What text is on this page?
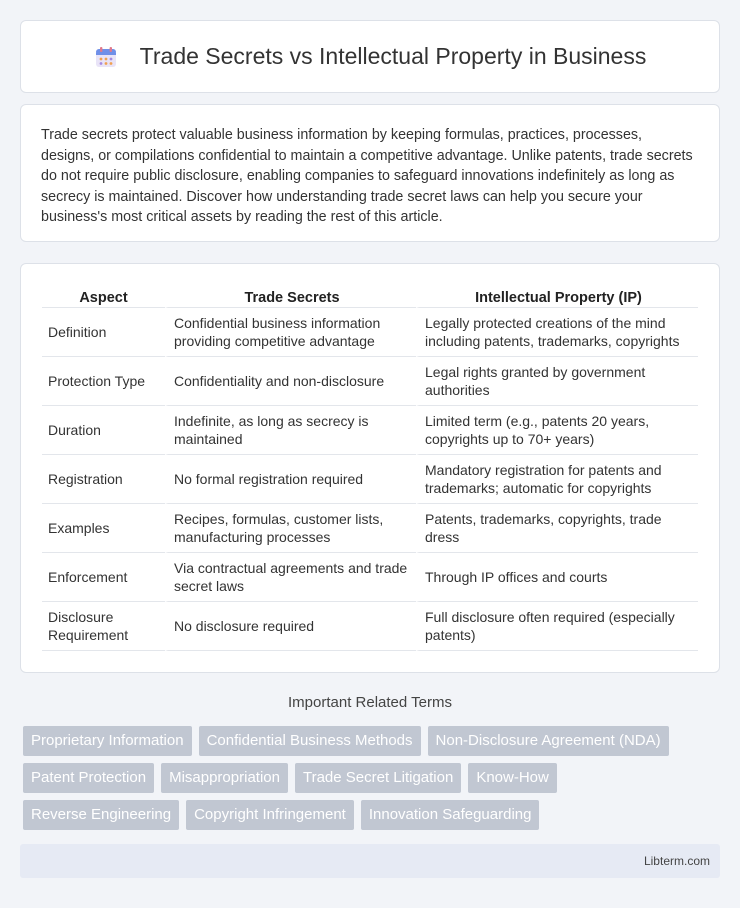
Trade Secrets vs Intellectual Property in Business

Trade secrets protect valuable business information by keeping formulas, practices, processes, designs, or compilations confidential to maintain a competitive advantage. Unlike patents, trade secrets do not require public disclosure, enabling companies to safeguard innovations indefinitely as long as secrecy is maintained. Discover how understanding trade secret laws can help you secure your business's most critical assets by reading the rest of this article.

Aspect	Trade Secrets	Intellectual Property (IP)
Definition	Confidential business information providing competitive advantage	Legally protected creations of the mind including patents, trademarks, copyrights
Protection Type	Confidentiality and non-disclosure	Legal rights granted by government authorities
Duration	Indefinite, as long as secrecy is maintained	Limited term (e.g., patents 20 years, copyrights up to 70+ years)
Registration	No formal registration required	Mandatory registration for patents and trademarks; automatic for copyrights
Examples	Recipes, formulas, customer lists, manufacturing processes	Patents, trademarks, copyrights, trade dress
Enforcement	Via contractual agreements and trade secret laws	Through IP offices and courts
Disclosure Requirement	No disclosure required	Full disclosure often required (especially patents)
Important Related Terms
Proprietary Information	Confidential Business Methods	Non-Disclosure Agreement (NDA)
Patent Protection	Misappropriation	Trade Secret Litigation	Know-How
Reverse Engineering	Copyright Infringement	Innovation Safeguarding
Libterm.com
